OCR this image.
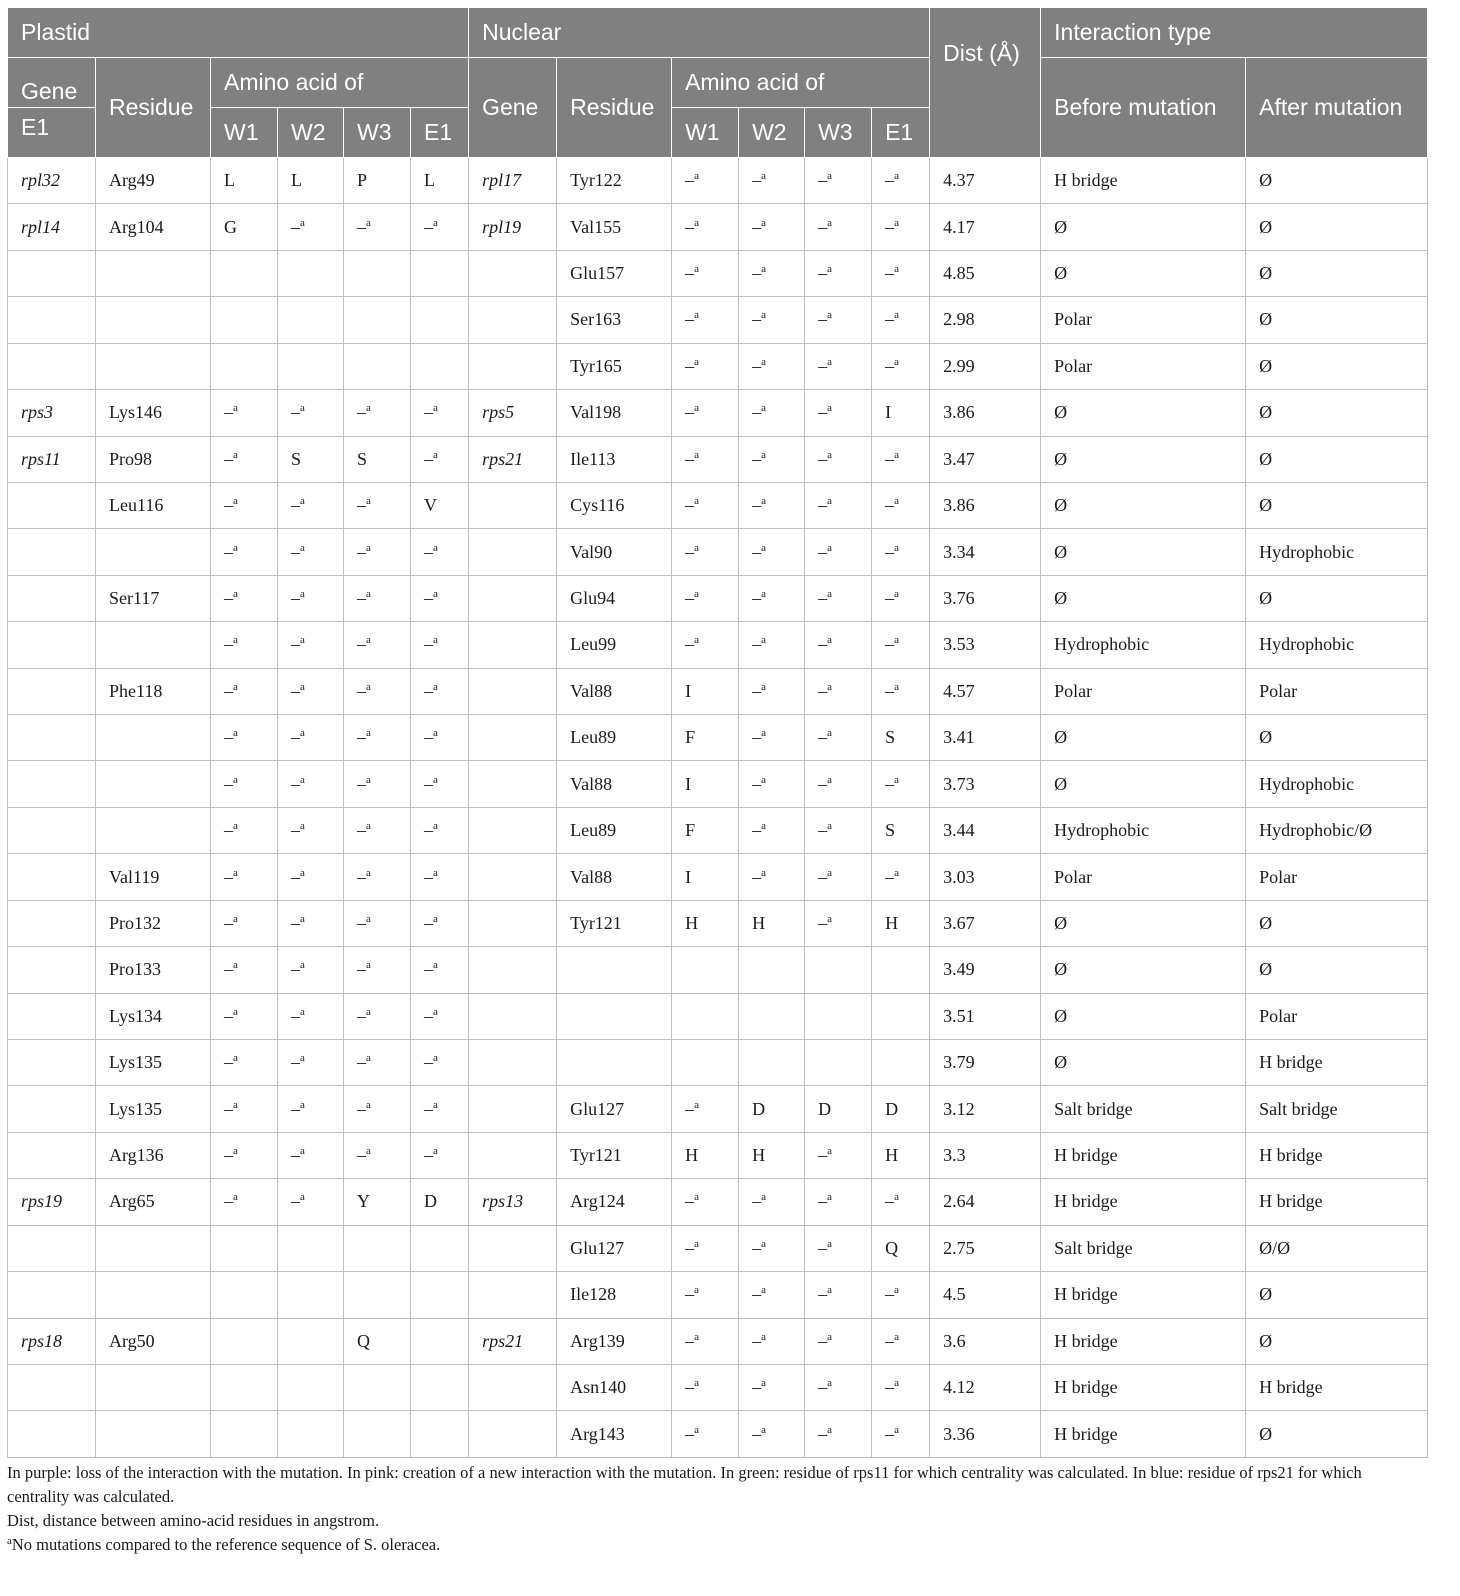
Plastid						Nuclear						Dist (Å)	Interaction type	
Gene	Residue	Amino acid of				Gene	Residue	Amino acid of					Before mutation	After mutation
E1		W1	W2	W3	E1			W1	W2	W3	E1			
rpl32	Arg49	L	L	P	L	rpl17	Tyr122	–$^a$	–$^a$	–$^a$	–$^a$	4.37	H bridge	Ø
rpl14	Arg104	G	–$^a$	–$^a$	–$^a$	rpl19	Val155	–$^a$	–$^a$	–$^a$	–$^a$	4.17	Ø	Ø
							Glu157	–$^a$	–$^a$	–$^a$	–$^a$	4.85	Ø	Ø
							Ser163	–$^a$	–$^a$	–$^a$	–$^a$	2.98	Polar	Ø
							Tyr165	–$^a$	–$^a$	–$^a$	–$^a$	2.99	Polar	Ø
rps3	Lys146	–$^a$	–$^a$	–$^a$	–$^a$	rps5	Val198	–$^a$	–$^a$	–$^a$	I	3.86	Ø	Ø
rps11	Pro98	–$^a$	S	S	–$^a$	rps21	Ile113	–$^a$	–$^a$	–$^a$	–$^a$	3.47	Ø	Ø
	Leu116	–$^a$	–$^a$	–$^a$	V		Cys116	–$^a$	–$^a$	–$^a$	–$^a$	3.86	Ø	Ø
		–$^a$	–$^a$	–$^a$	–$^a$		Val90	–$^a$	–$^a$	–$^a$	–$^a$	3.34	Ø	Hydrophobic
	Ser117	–$^a$	–$^a$	–$^a$	–$^a$		Glu94	–$^a$	–$^a$	–$^a$	–$^a$	3.76	Ø	Ø
		–$^a$	–$^a$	–$^a$	–$^a$		Leu99	–$^a$	–$^a$	–$^a$	–$^a$	3.53	Hydrophobic	Hydrophobic
	Phe118	–$^a$	–$^a$	–$^a$	–$^a$		Val88	I	–$^a$	–$^a$	–$^a$	4.57	Polar	Polar
		–$^a$	–$^a$	–$^a$	–$^a$		Leu89	F	–$^a$	–$^a$	S	3.41	Ø	Ø
		–$^a$	–$^a$	–$^a$	–$^a$		Val88	I	–$^a$	–$^a$	–$^a$	3.73	Ø	Hydrophobic
		–$^a$	–$^a$	–$^a$	–$^a$		Leu89	F	–$^a$	–$^a$	S	3.44	Hydrophobic	Hydrophobic/Ø
	Val119	–$^a$	–$^a$	–$^a$	–$^a$		Val88	I	–$^a$	–$^a$	–$^a$	3.03	Polar	Polar
	Pro132	–$^a$	–$^a$	–$^a$	–$^a$		Tyr121	H	H	–$^a$	H	3.67	Ø	Ø
	Pro133	–$^a$	–$^a$	–$^a$	–$^a$							3.49	Ø	Ø
	Lys134	–$^a$	–$^a$	–$^a$	–$^a$							3.51	Ø	Polar
	Lys135	–$^a$	–$^a$	–$^a$	–$^a$							3.79	Ø	H bridge
	Lys135	–$^a$	–$^a$	–$^a$	–$^a$		Glu127	–$^a$	D	D	D	3.12	Salt bridge	Salt bridge
	Arg136	–$^a$	–$^a$	–$^a$	–$^a$		Tyr121	H	H	–$^a$	H	3.3	H bridge	H bridge
rps19	Arg65	–$^a$	–$^a$	Y	D	rps13	Arg124	–$^a$	–$^a$	–$^a$	–$^a$	2.64	H bridge	H bridge
							Glu127	–$^a$	–$^a$	–$^a$	Q	2.75	Salt bridge	Ø/Ø
							Ile128	–$^a$	–$^a$	–$^a$	–$^a$	4.5	H bridge	Ø
rps18	Arg50			Q		rps21	Arg139	–$^a$	–$^a$	–$^a$	–$^a$	3.6	H bridge	Ø
							Asn140	–$^a$	–$^a$	–$^a$	–$^a$	4.12	H bridge	H bridge
							Arg143	–$^a$	–$^a$	–$^a$	–$^a$	3.36	H bridge	Ø

In purple: loss of the interaction with the mutation. In pink: creation of a new interaction with the mutation. In green: residue of rps11 for which centrality was calculated. In blue: residue of rps21 for which centrality was calculated.

Dist, distance between amino-acid residues in angstrom.

$^a$No mutations compared to the reference sequence of S. oleracea.
